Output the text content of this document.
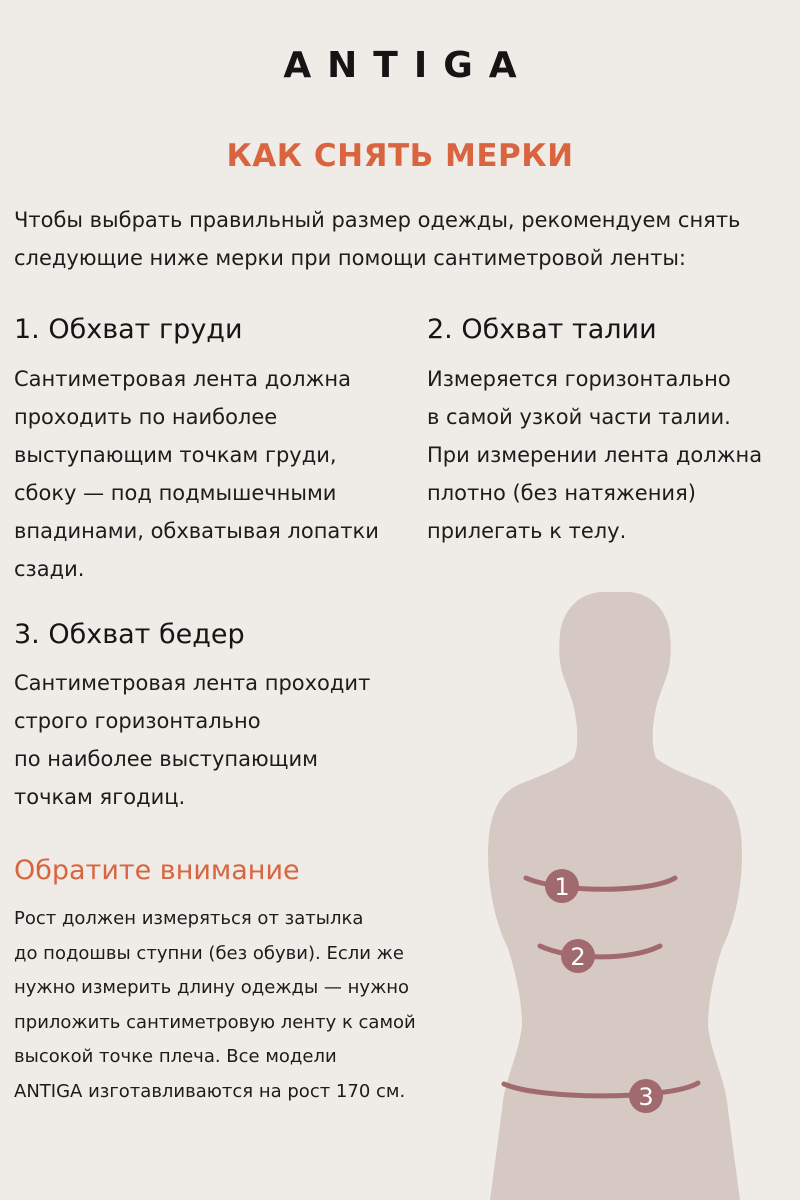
ANTIGA
КАК СНЯТЬ МЕРКИ
Чтобы выбрать правильный размер одежды, рекомендуем снять
следующие ниже мерки при помощи сантиметровой ленты:
1. Обхват груди
Сантиметровая лента должна
проходить по наиболее
выступающим точкам груди,
сбоку — под подмышечными
впадинами, обхватывая лопатки
сзади.
2. Обхват талии
Измеряется горизонтально
в самой узкой части талии.
При измерении лента должна
плотно (без натяжения)
прилегать к телу.
3. Обхват бедер
Сантиметровая лента проходит
строго горизонтально
по наиболее выступающим
точкам ягодиц.
Обратите внимание
Рост должен измеряться от затылка
до подошвы ступни (без обуви). Если же
нужно измерить длину одежды — нужно
приложить сантиметровую ленту к самой
высокой точке плеча. Все модели
ANTIGA изготавливаются на рост 170 см.
1
2
3
